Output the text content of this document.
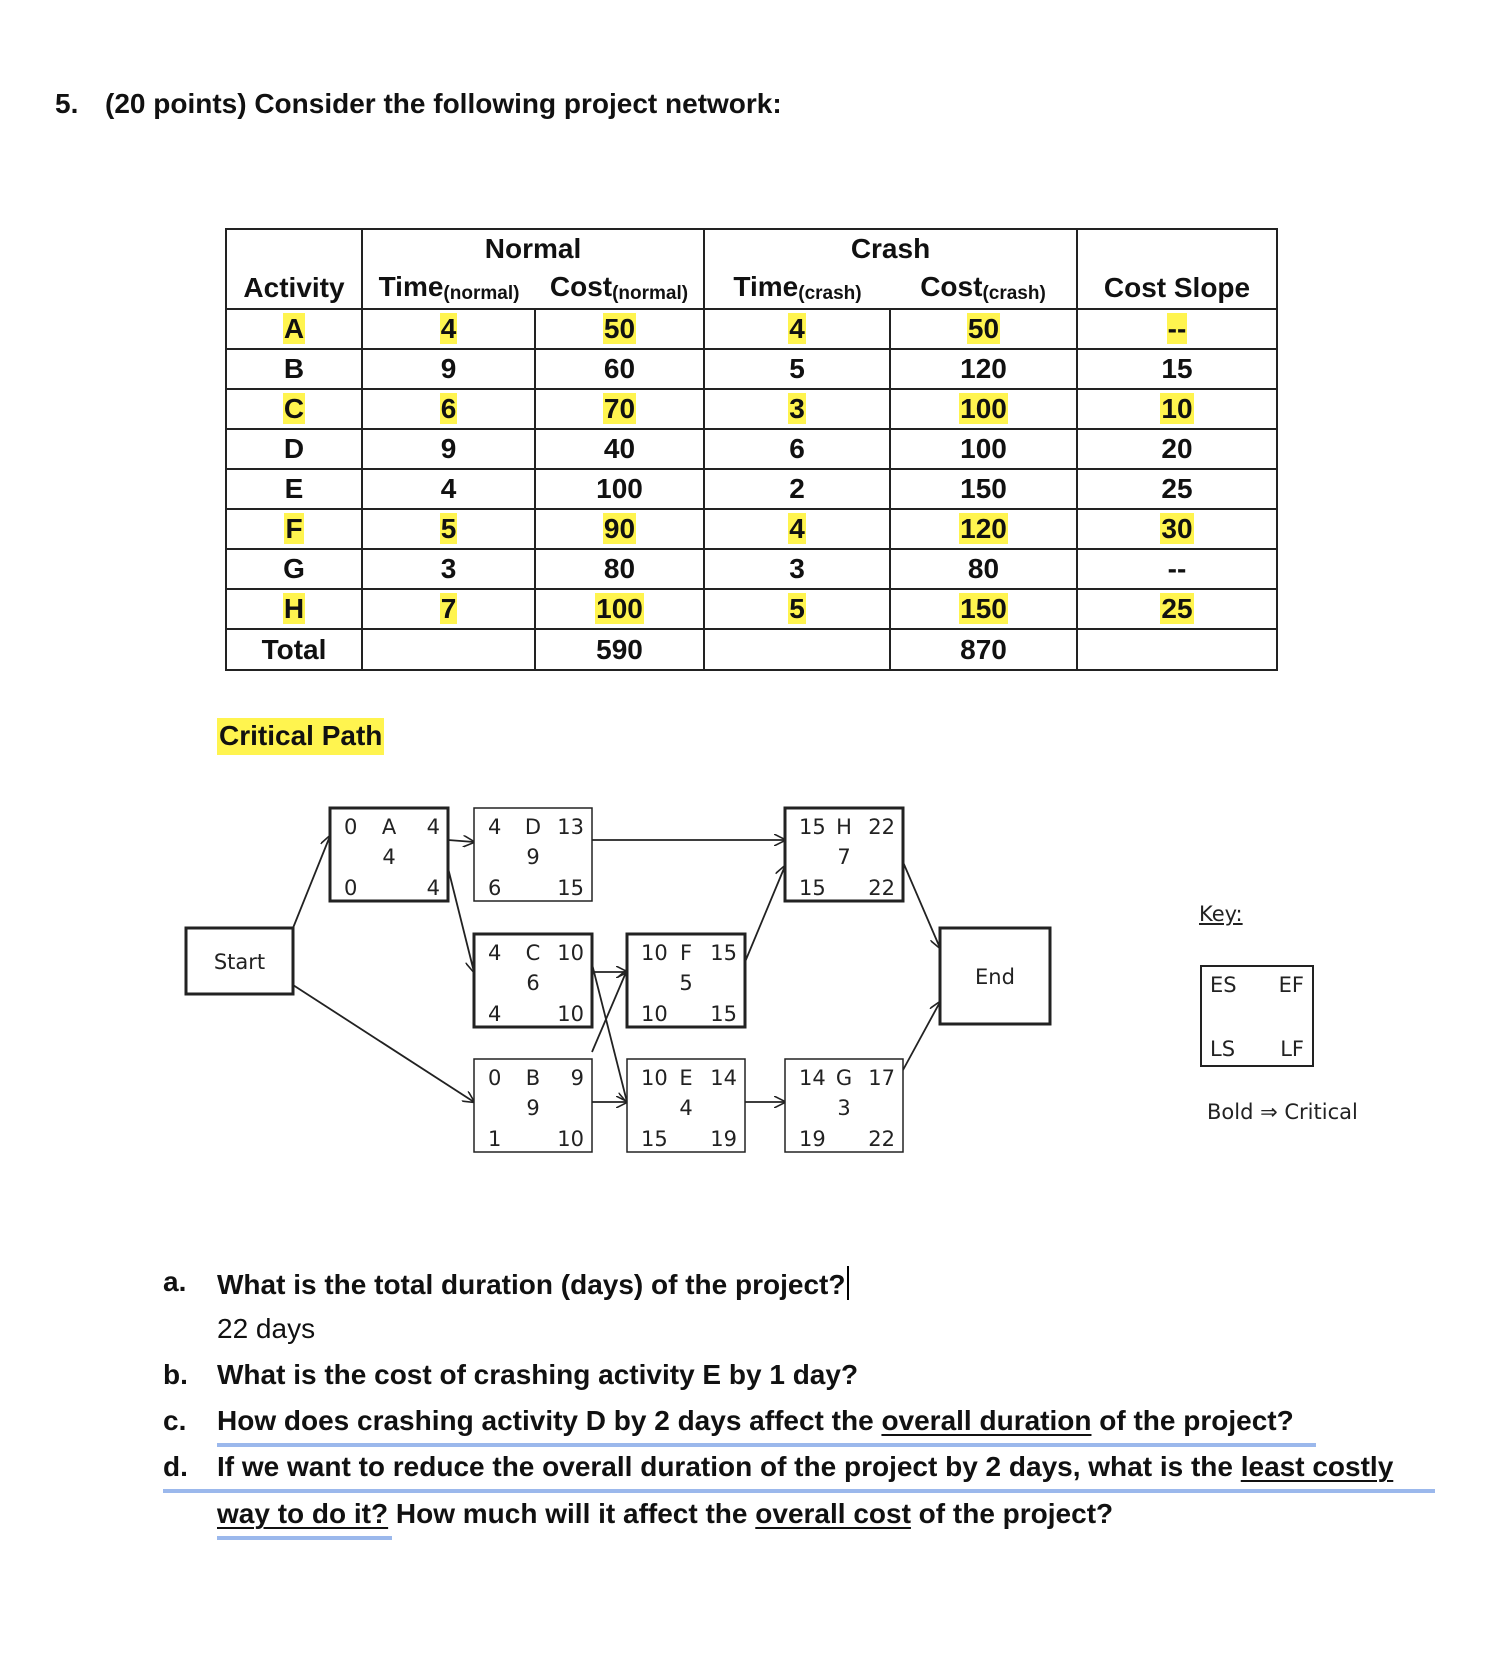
5. (20 points) Consider the following project network:
	Normal		Crash		
Activity	Time$_{(normal)}$	Cost$_{(normal)}$	Time$_{(crash)}$	Cost$_{(crash)}$	Cost Slope
A	4	50	4	50	--
B	9	60	5	120	15
C	6	70	3	100	10
D	9	40	6	100	20
E	4	100	2	150	25
F	5	90	4	120	30
G	3	80	3	80	--
H	7	100	5	150	25
Total		590		870	
Critical Path
Start
End
0 A 4
4
0	4
4 D 13
9
6	15
15 H 22
7
15 22
4 C 10
6
4	10
10 F 15
5
10 15
0 B 9
9
1	10
10 E 14
4
15 19
14 G 17
3
19 22
Key:
ES EF
LS LF
Bold ⇒ Critical
a. What is the total duration (days) of the project?
22 days
b. What is the cost of crashing activity E by 1 day?
c. How does crashing activity D by 2 days affect the overall duration of the project?
d. If we want to reduce the overall duration of the project by 2 days, what is the least costly
way to do it? How much will it affect the overall cost of the project?
